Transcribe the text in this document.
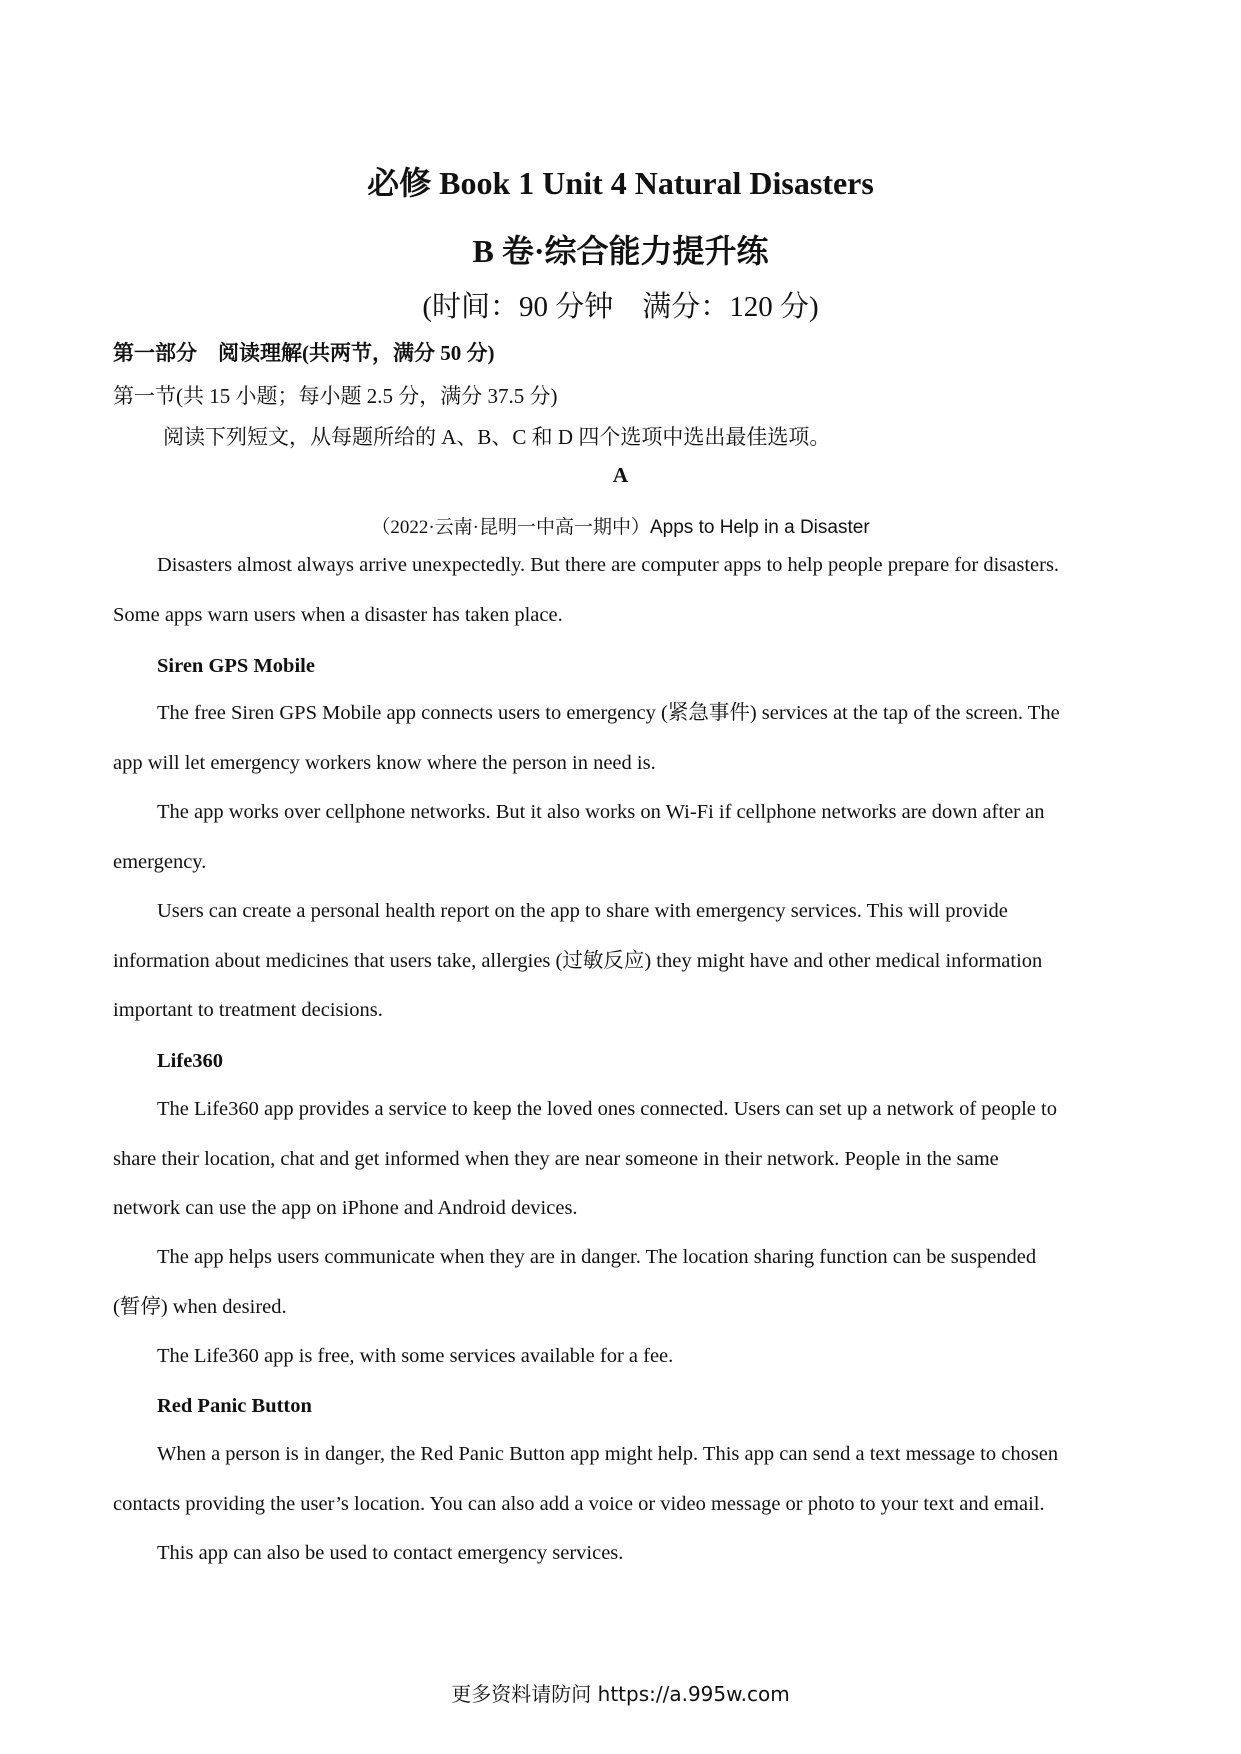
必修 Book 1 Unit 4 Natural Disasters
B 卷·综合能力提升练
(时间：90 分钟　满分：120 分)
第一部分　阅读理解(共两节，满分 50 分)
第一节(共 15 小题；每小题 2.5 分，满分 37.5 分)
阅读下列短文，从每题所给的 A、B、C 和 D 四个选项中选出最佳选项。
A
（2022·云南·昆明一中高一期中）Apps to Help in a Disaster
Disasters almost always arrive unexpectedly. But there are computer apps to help people prepare for disasters.
Some apps warn users when a disaster has taken place.
Siren GPS Mobile
The free Siren GPS Mobile app connects users to emergency (紧急事件) services at the tap of the screen. The
app will let emergency workers know where the person in need is.
The app works over cellphone networks. But it also works on Wi-Fi if cellphone networks are down after an
emergency.
Users can create a personal health report on the app to share with emergency services. This will provide
information about medicines that users take, allergies (过敏反应) they might have and other medical information
important to treatment decisions.
Life360
The Life360 app provides a service to keep the loved ones connected. Users can set up a network of people to
share their location, chat and get informed when they are near someone in their network. People in the same
network can use the app on iPhone and Android devices.
The app helps users communicate when they are in danger. The location sharing function can be suspended
(暂停) when desired.
The Life360 app is free, with some services available for a fee.
Red Panic Button
When a person is in danger, the Red Panic Button app might help. This app can send a text message to chosen
contacts providing the user’s location. You can also add a voice or video message or photo to your text and email.
This app can also be used to contact emergency services.
更多资料请防问 https://a.995w.com
